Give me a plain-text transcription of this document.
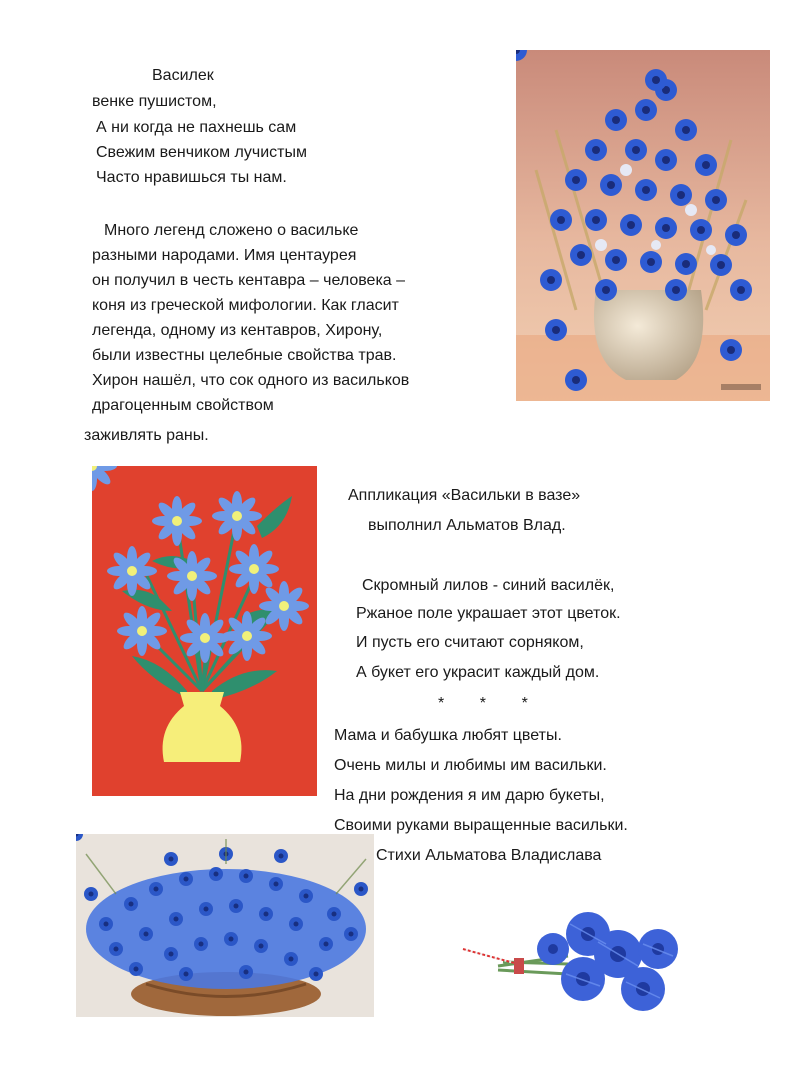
Василек
венке пушистом,
А ни когда не пахнешь сам
Свежим венчиком лучистым
Часто нравишься ты нам.
Много легенд сложено о васильке
разными народами. Имя центаурея
он получил в честь кентавра – человека –
коня из греческой мифологии. Как гласит
легенда, одному из кентавров, Хирону,
были известны целебные свойства трав.
Хирон нашёл, что сок одного из васильков
драгоценным свойством
заживлять раны.
Аппликация «Васильки в вазе»
выполнил Альматов Влад.
Скромный лилов - синий василёк,
Ржаное поле украшает этот цветок.
И пусть его считают сорняком,
А букет его украсит каждый дом.
*        *        *
Мама и бабушка любят цветы.
Очень милы и любимы им васильки.
На дни рождения я им дарю букеты,
Своими руками выращенные васильки.
Стихи Альматова Владислава
